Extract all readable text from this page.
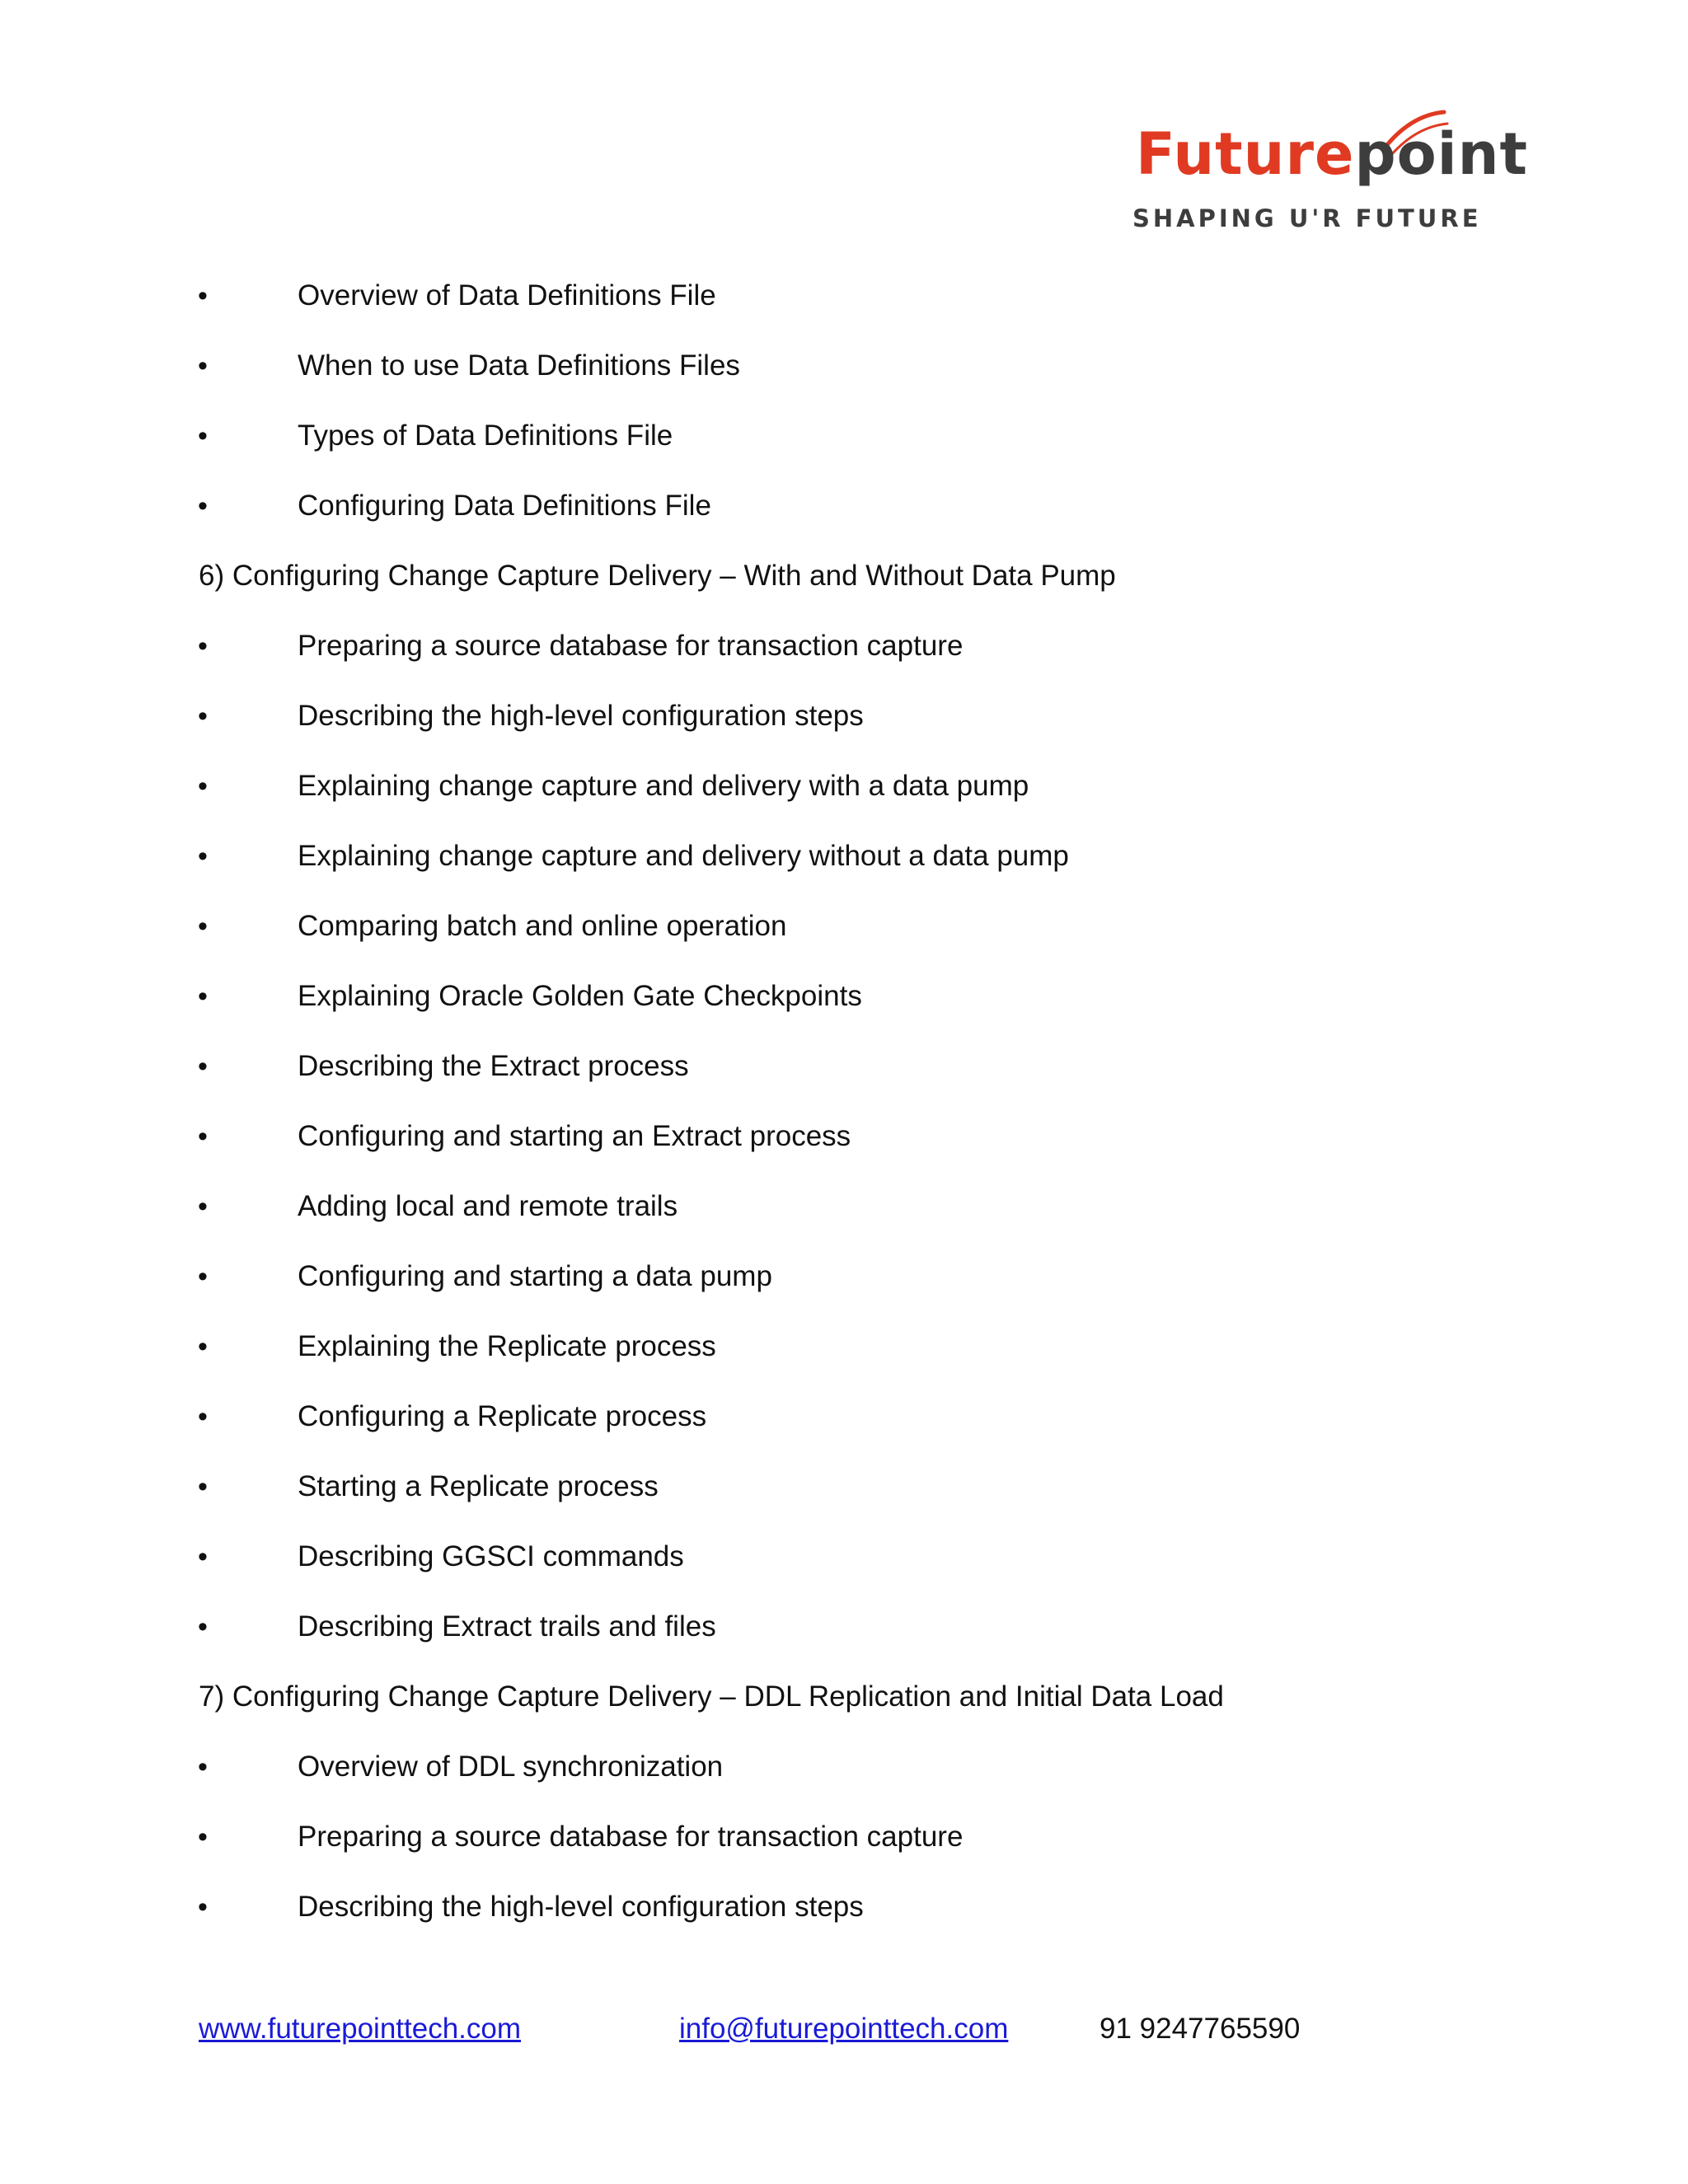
Futurepoint
SHAPING U'R FUTURE
•	Overview of Data Definitions File
•	When to use Data Definitions Files
•	Types of Data Definitions File
•	Configuring Data Definitions File
6) Configuring Change Capture Delivery – With and Without Data Pump
•	Preparing a source database for transaction capture
•	Describing the high-level configuration steps
•	Explaining change capture and delivery with a data pump
•	Explaining change capture and delivery without a data pump
•	Comparing batch and online operation
•	Explaining Oracle Golden Gate Checkpoints
•	Describing the Extract process
•	Configuring and starting an Extract process
•	Adding local and remote trails
•	Configuring and starting a data pump
•	Explaining the Replicate process
•	Configuring a Replicate process
•	Starting a Replicate process
•	Describing GGSCI commands
•	Describing Extract trails and files
7) Configuring Change Capture Delivery – DDL Replication and Initial Data Load
•	Overview of DDL synchronization
•	Preparing a source database for transaction capture
•	Describing the high-level configuration steps
www.futurepointtech.com	info@futurepointtech.com	91 9247765590
